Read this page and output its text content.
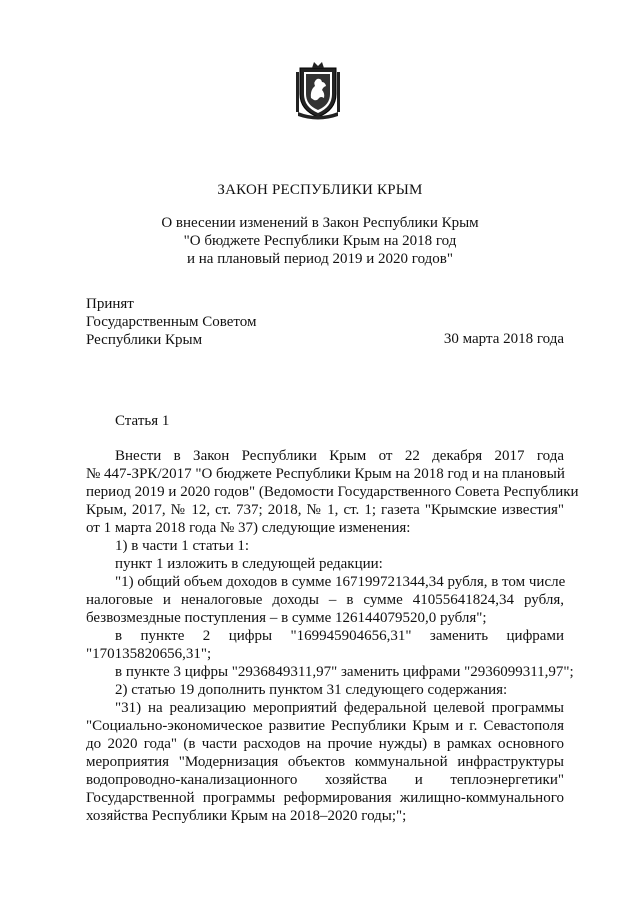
ЗАКОН РЕСПУБЛИКИ КРЫМ
О внесении изменений в Закон Республики Крым
"О бюджете Республики Крым на 2018 год
и на плановый период 2019 и 2020 годов"
Принят
Государственным Советом
Республики Крым	30 марта 2018 года
Статья 1
Внести в Закон Республики Крым от 22 декабря 2017 года
№ 447-ЗРК/2017 "О бюджете Республики Крым на 2018 год и на плановый
период 2019 и 2020 годов" (Ведомости Государственного Совета Республики
Крым, 2017, № 12, ст. 737; 2018, № 1, ст. 1; газета "Крымские известия"
от 1 марта 2018 года № 37) следующие изменения:
1) в части 1 статьи 1:
пункт 1 изложить в следующей редакции:
"1) общий объем доходов в сумме 167199721344,34 рубля, в том числе
налоговые и неналоговые доходы – в сумме 41055641824,34 рубля,
безвозмездные поступления – в сумме 126144079520,0 рубля";
в пункте 2 цифры "169945904656,31" заменить цифрами
"170135820656,31";
в пункте 3 цифры "2936849311,97" заменить цифрами "2936099311,97";
2) статью 19 дополнить пунктом 31 следующего содержания:
"31) на реализацию мероприятий федеральной целевой программы
"Социально-экономическое развитие Республики Крым и г. Севастополя
до 2020 года" (в части расходов на прочие нужды) в рамках основного
мероприятия "Модернизация объектов коммунальной инфраструктуры
водопроводно-канализационного хозяйства и теплоэнергетики"
Государственной программы реформирования жилищно-коммунального
хозяйства Республики Крым на 2018–2020 годы;";
